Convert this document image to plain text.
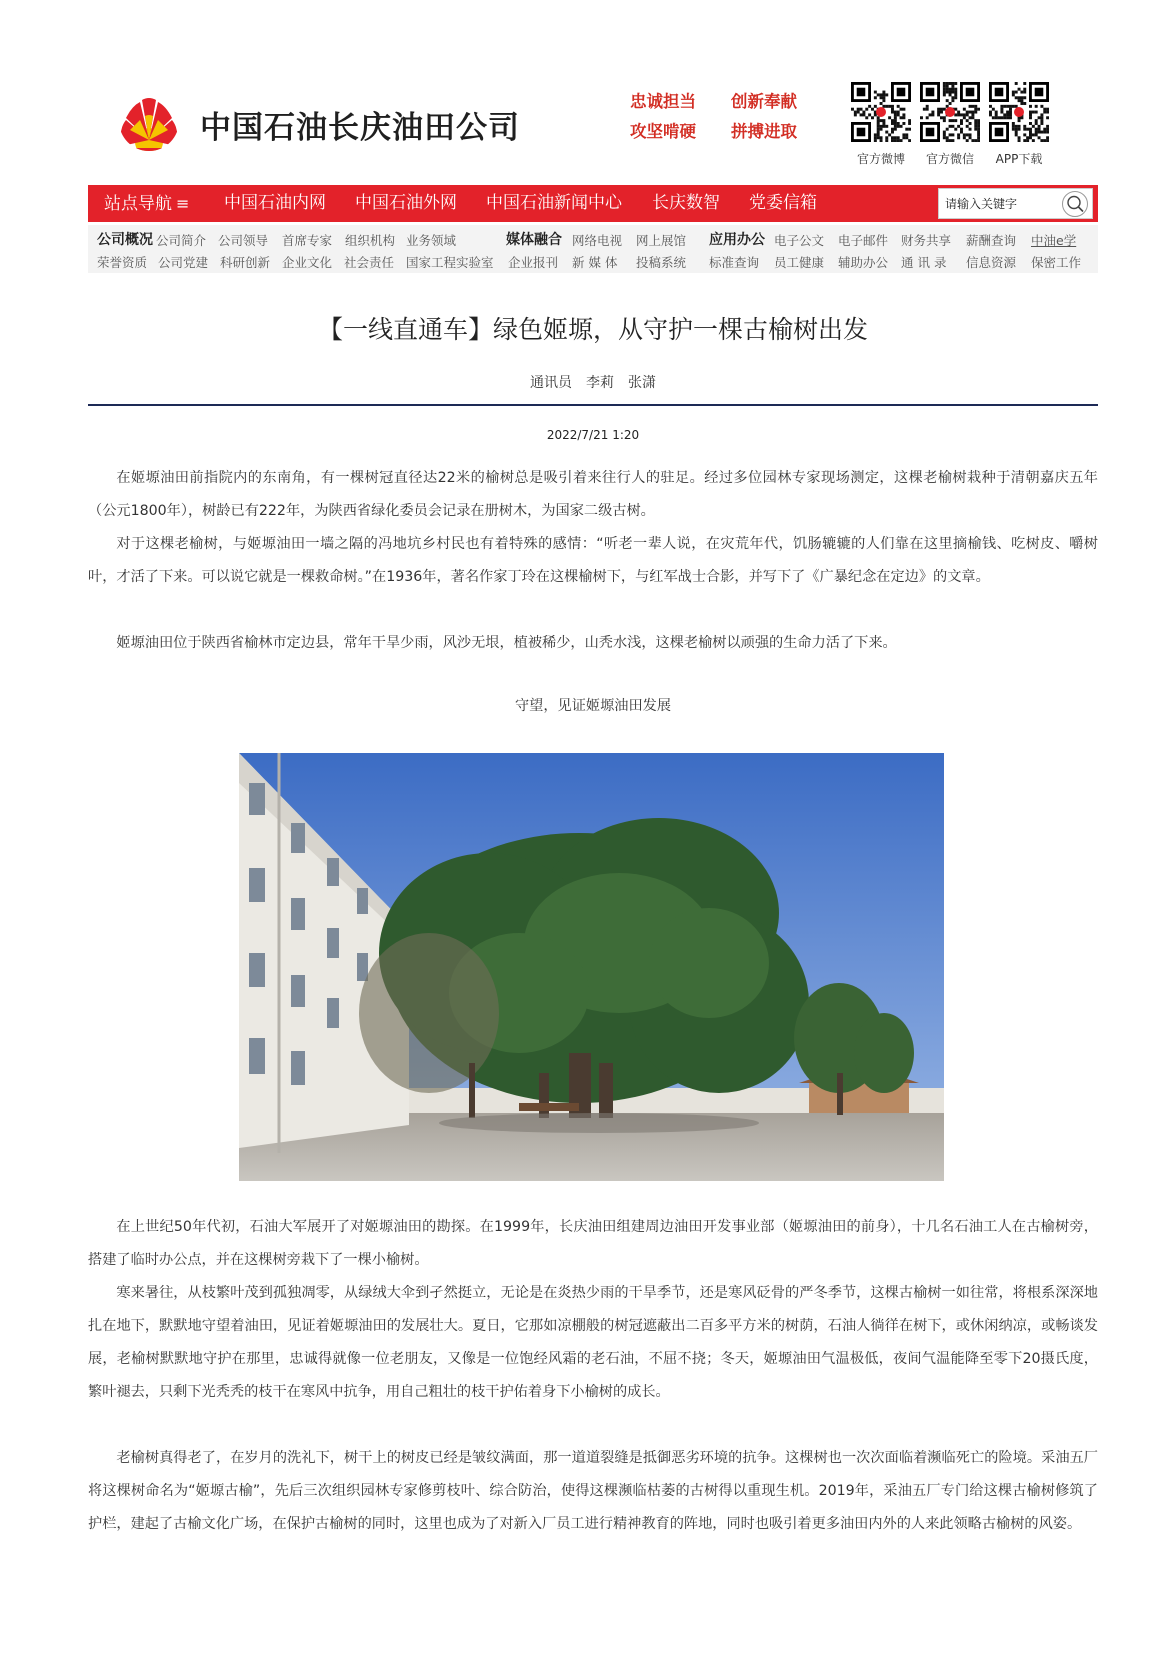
中国石油长庆油田公司
忠诚担当 创新奉献
攻坚啃硬 拼搏进取
官方微博	官方微信	APP下载
站点导航 ≡ 中国石油内网 中国石油外网 中国石油新闻中心 长庆数智 党委信箱
请输入关键字
公司概况 公司简介 公司领导 首席专家 组织机构 业务领域	媒体融合 网络电视 网上展馆 应用办公 电子公文 电子邮件 财务共享 薪酬查询 中油e学
荣誉资质 公司党建 科研创新 企业文化 社会责任 国家工程实验室 企业报刊 新 媒 体 投稿系统 标准查询 员工健康 辅助办公 通 讯 录 信息资源 保密工作
【一线直通车】绿色姬塬，从守护一棵古榆树出发
通讯员　李莉　张潇
2022/7/21 1:20

在姬塬油田前指院内的东南角，有一棵树冠直径达22米的榆树总是吸引着来往行人的驻足。经过多位园林专家现场测定，这棵老榆树栽种于清朝嘉庆五年（公元1800年），树龄已有222年，为陕西省绿化委员会记录在册树木，为国家二级古树。

对于这棵老榆树，与姬塬油田一墙之隔的冯地坑乡村民也有着特殊的感情：“听老一辈人说，在灾荒年代，饥肠辘辘的人们靠在这里摘榆钱、吃树皮、嚼树叶，才活了下来。可以说它就是一棵救命树。”在1936年，著名作家丁玲在这棵榆树下，与红军战士合影，并写下了《广暴纪念在定边》的文章。

姬塬油田位于陕西省榆林市定边县，常年干旱少雨，风沙无垠，植被稀少，山秃水浅，这棵老榆树以顽强的生命力活了下来。

守望，见证姬塬油田发展

在上世纪50年代初，石油大军展开了对姬塬油田的勘探。在1999年，长庆油田组建周边油田开发事业部（姬塬油田的前身），十几名石油工人在古榆树旁，搭建了临时办公点，并在这棵树旁栽下了一棵小榆树。

寒来暑往，从枝繁叶茂到孤独凋零，从绿绒大伞到孑然挺立，无论是在炎热少雨的干旱季节，还是寒风砭骨的严冬季节，这棵古榆树一如往常，将根系深深地扎在地下，默默地守望着油田，见证着姬塬油田的发展壮大。夏日，它那如凉棚般的树冠遮蔽出二百多平方米的树荫，石油人徜徉在树下，或休闲纳凉，或畅谈发展，老榆树默默地守护在那里，忠诚得就像一位老朋友，又像是一位饱经风霜的老石油，不屈不挠；冬天，姬塬油田气温极低，夜间气温能降至零下20摄氏度，繁叶褪去，只剩下光秃秃的枝干在寒风中抗争，用自己粗壮的枝干护佑着身下小榆树的成长。

老榆树真得老了，在岁月的洗礼下，树干上的树皮已经是皱纹满面，那一道道裂缝是抵御恶劣环境的抗争。这棵树也一次次面临着濒临死亡的险境。采油五厂将这棵树命名为“姬塬古榆”，先后三次组织园林专家修剪枝叶、综合防治，使得这棵濒临枯萎的古树得以重现生机。2019年，采油五厂专门给这棵古榆树修筑了护栏，建起了古榆文化广场，在保护古榆树的同时，这里也成为了对新入厂员工进行精神教育的阵地，同时也吸引着更多油田内外的人来此领略古榆树的风姿。
